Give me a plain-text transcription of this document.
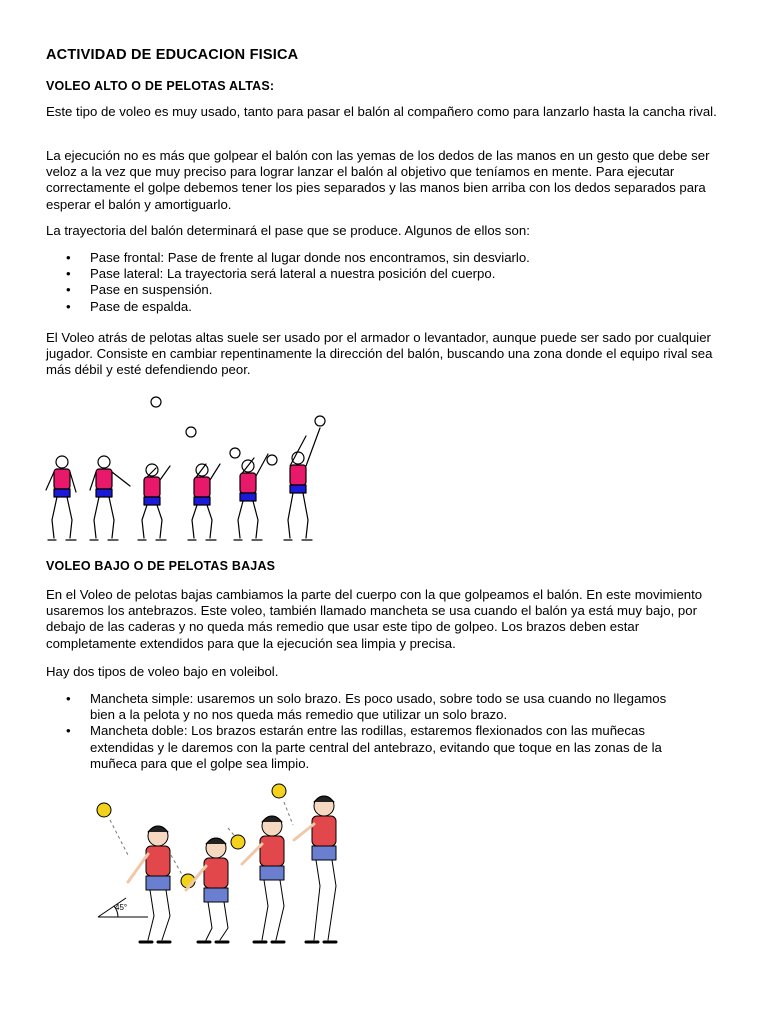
ACTIVIDAD DE EDUCACION FISICA
VOLEO ALTO O DE PELOTAS ALTAS:
Este tipo de voleo es muy usado, tanto para pasar el balón al compañero como para lanzarlo hasta la cancha rival.
La ejecución no es más que golpear el balón con las yemas de los dedos de las manos en un gesto que debe ser veloz a la vez que muy preciso para lograr lanzar el balón al objetivo que teníamos en mente. Para ejecutar correctamente el golpe debemos tener los pies separados y las manos bien arriba con los dedos separados para esperar el balón y amortiguarlo.
La trayectoria del balón determinará el pase que se produce. Algunos de ellos son:
• Pase frontal: Pase de frente al lugar donde nos encontramos, sin desviarlo.
• Pase lateral: La trayectoria será lateral a nuestra posición del cuerpo.
• Pase en suspensión.
• Pase de espalda.
El Voleo atrás de pelotas altas suele ser usado por el armador o levantador, aunque puede ser sado por cualquier jugador. Consiste en cambiar repentinamente la dirección del balón, buscando una zona donde el equipo rival sea más débil y esté defendiendo peor.
VOLEO BAJO O DE PELOTAS BAJAS
En el Voleo de pelotas bajas cambiamos la parte del cuerpo con la que golpeamos el balón. En este movimiento usaremos los antebrazos. Este voleo, también llamado mancheta se usa cuando el balón ya está muy bajo, por debajo de las caderas y no queda más remedio que usar este tipo de golpeo. Los brazos deben estar completamente extendidos para que la ejecución sea limpia y precisa.
Hay dos tipos de voleo bajo en voleibol.
• Mancheta simple: usaremos un solo brazo. Es poco usado, sobre todo se usa cuando no llegamos bien a la pelota y no nos queda más remedio que utilizar un solo brazo.
• Mancheta doble: Los brazos estarán entre las rodillas, estaremos flexionados con las muñecas extendidas y le daremos con la parte central del antebrazo, evitando que toque en las zonas de la muñeca para que el golpe sea limpio.
45°
